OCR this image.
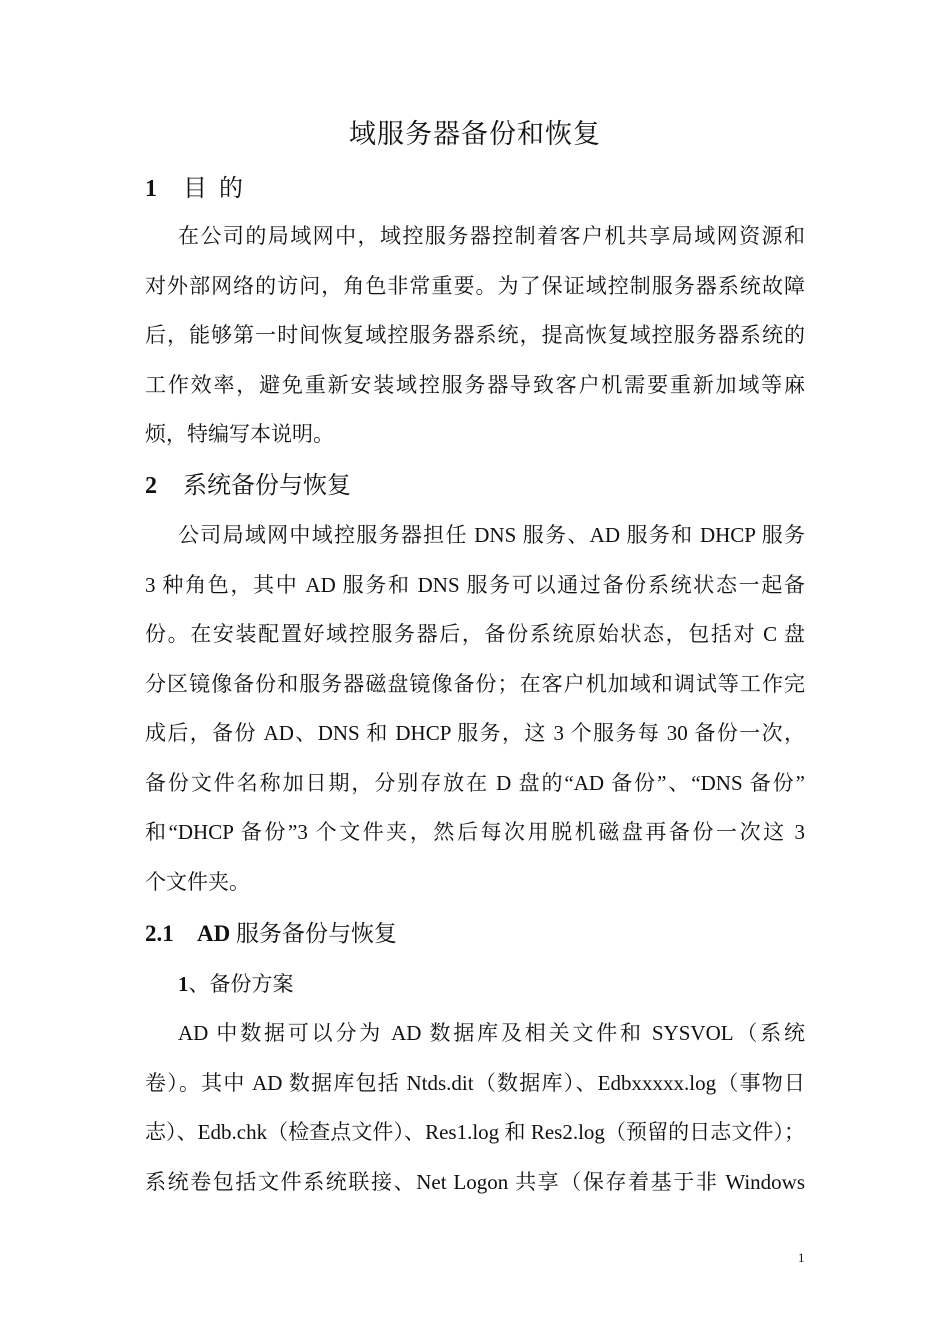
域服务器备份和恢复
1 目  的
在公司的局域网中，域控服务器控制着客户机共享局域网资源和
对外部网络的访问，角色非常重要。为了保证域控制服务器系统故障
后，能够第一时间恢复域控服务器系统，提高恢复域控服务器系统的
工作效率，避免重新安装域控服务器导致客户机需要重新加域等麻
烦，特编写本说明。
2 系统备份与恢复
公司局域网中域控服务器担任 DNS 服务、AD 服务和 DHCP 服务
3 种角色，其中 AD 服务和 DNS 服务可以通过备份系统状态一起备
份。在安装配置好域控服务器后，备份系统原始状态，包括对 C 盘
分区镜像备份和服务器磁盘镜像备份；在客户机加域和调试等工作完
成后，备份 AD、DNS 和 DHCP 服务，这 3 个服务每 30 备份一次，
备份文件名称加日期，分别存放在 D 盘的“AD 备份”、“DNS 备份”
和“DHCP 备份”3 个文件夹，然后每次用脱机磁盘再备份一次这 3
个文件夹。
2.1 AD 服务备份与恢复
1、备份方案
AD 中数据可以分为 AD 数据库及相关文件和 SYSVOL（系统
卷）。其中 AD 数据库包括 Ntds.dit（数据库）、Edbxxxxx.log（事物日
志）、Edb.chk（检查点文件）、Res1.log 和 Res2.log（预留的日志文件）；
系统卷包括文件系统联接、Net Logon 共享（保存着基于非 Windows
1
